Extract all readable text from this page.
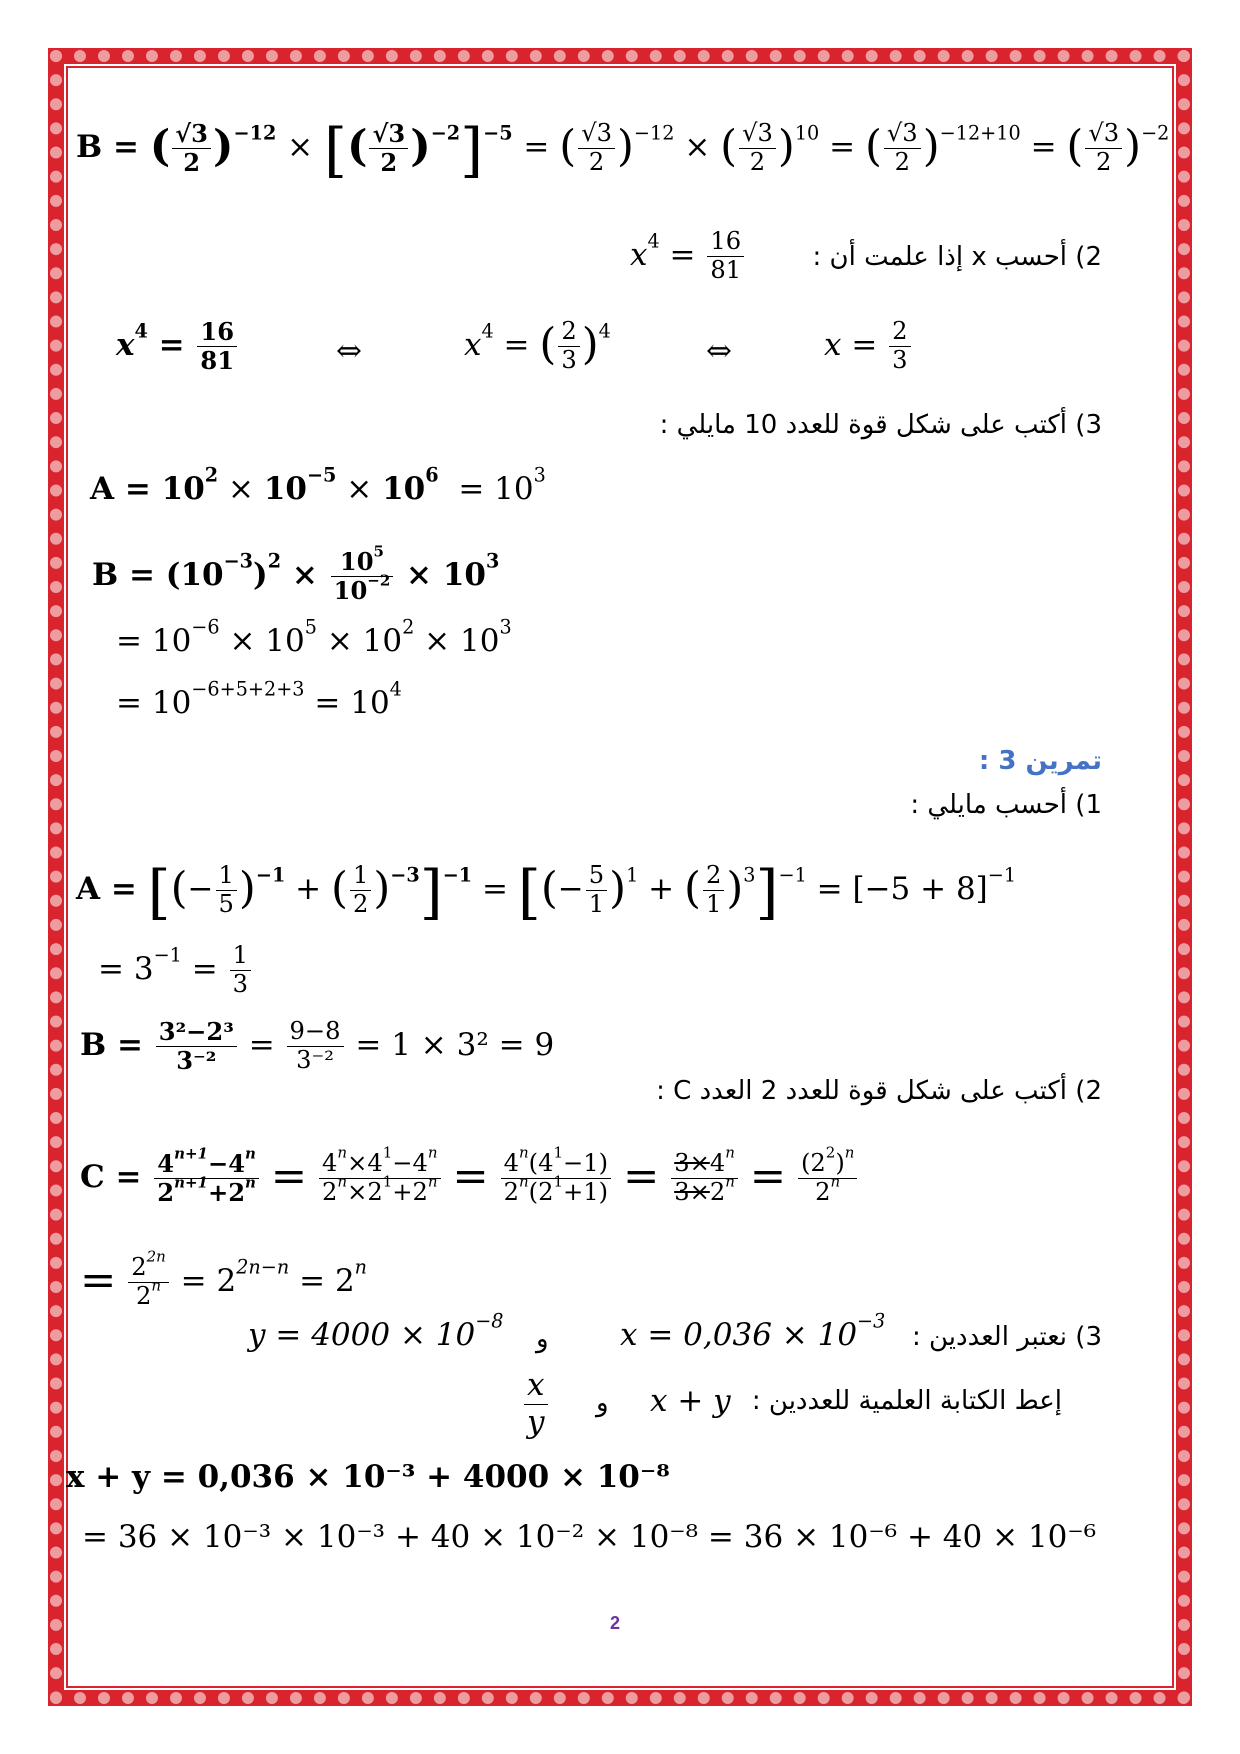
B = ( $\frac{√3}{2} )^{-12}$ × [( $\frac{√3}{2} )^{-2}]^{-5}$ = ( $\frac{√3}{2} )^{-12}$ × ( $\frac{√3}{2} )^{10}$ = ( $\frac{√3}{2} )^{-12+10}$ = ( $\frac{√3}{2} )^{-2}$
$x^4 = \frac{16}{81}$	2) أحسب x إذا علمت أن :
$x^4 = \frac{16}{81}$	⇔	$x^4$ = ( $\frac{2}{3} )^4$
⇔	$x = \frac{2}{3}$
3) أكتب على شكل قوة للعدد 10 مايلي :
$A = 10^2 \times 10^{-5} \times 10^6 = 10^3$
$B = (10^{-3})^2 \times \frac{10^5}{10^{-2}} \times 10^3$
= $10^{-6} \times 10^5 \times 10^2 \times 10^3$
= $10^{-6+5+2+3} = 10^4$
تمرين 3 :
1) أحسب مايلي :
A = [(− $\frac{1}{5} )^{-1}$ + ( $\frac{1}{2} )^{-3}]^{-1}$ = [(− $\frac{5}{1} )^1$ + ( $\frac{2}{1} )^3]^{-1} = [-5 + 8]^{-1}$
= $3^{-1} = \frac{1}{3}$
$B = \frac{\text{3²−2³}}{\text{3⁻²}} = \frac{9-8}{\text{3⁻²}} = 1 \times 3^2 = 9$
2) أكتب على شكل قوة للعدد 2 العدد C :
$C = \frac{4^{n+1}-4^n}{2^{n+1}+2^n} = \frac{4^n\times 4^1-4^n}{2^n\times 2^1+2^n} = \frac{4^n(4^1-1)}{2^n(2^1+1)} = \frac{3\times 4^n}{3\times 2^n} = \frac{(2^2)^n}{2^n}$
= $\frac{2^{2n}}{2^n} = 2^{2n-n} = 2^n$
$y = 4000 \times 10^{-8}$
و $x = 0,036 \times 10^{-3}$
3) نعتبر العددين :
$\frac{x}{y}$ و x + y إعط الكتابة العلمية للعددين :
x + y = 0,036 × 10⁻³ + 4000 × 10⁻⁸
= 36 × 10⁻³ × 10⁻³ + 40 × 10⁻² × 10⁻⁸ = 36 × 10⁻⁶ + 40 × 10⁻⁶
2
